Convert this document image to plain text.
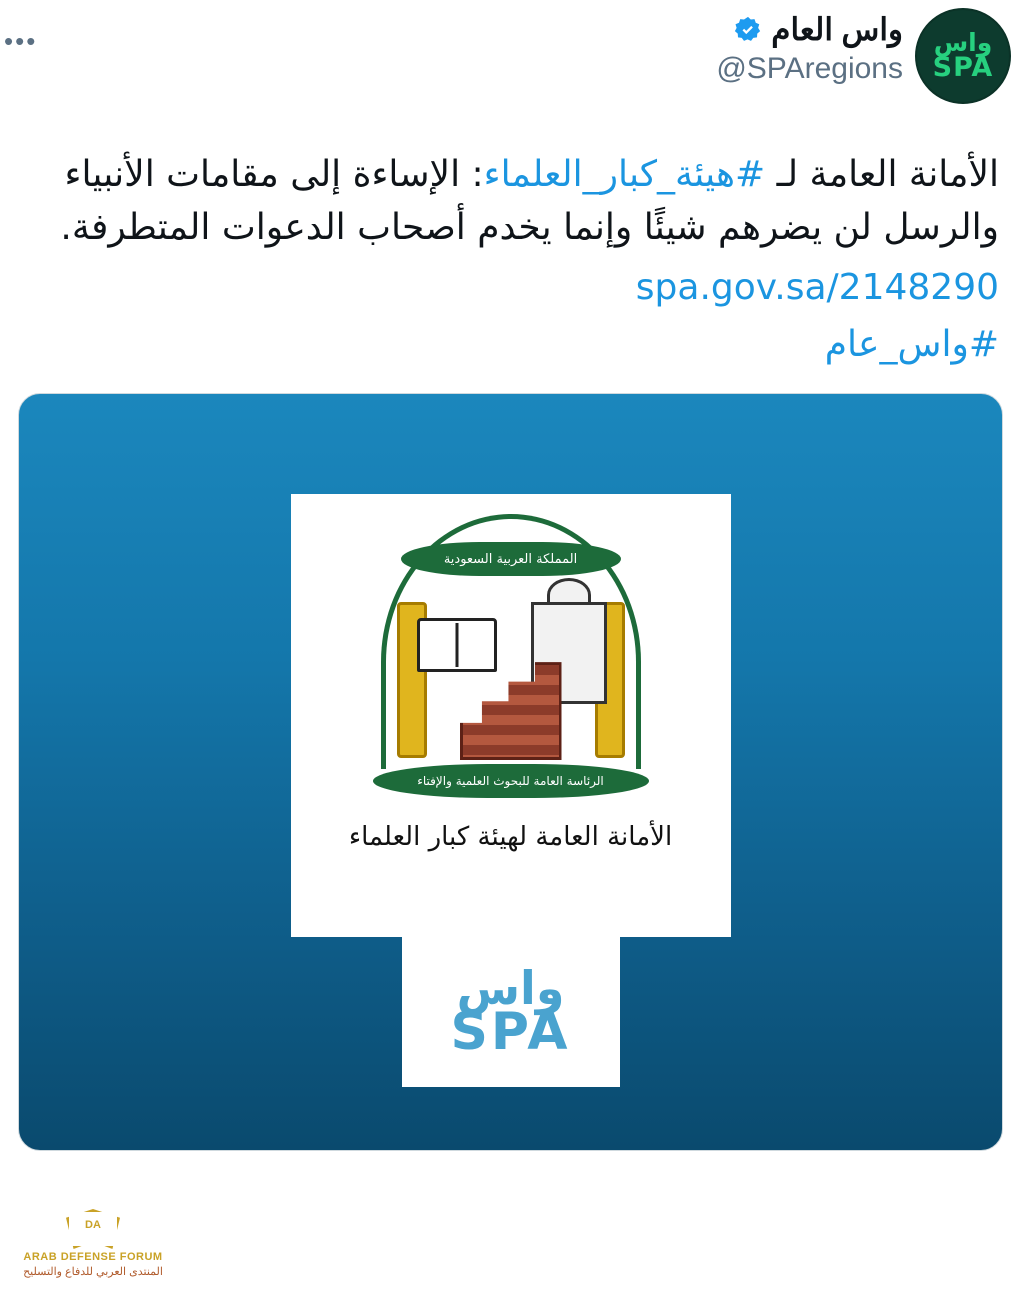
•••	واس العام
@SPAregions
واس
SPA
الأمانة العامة لـ #هيئة_كبار_العلماء: الإساءة إلى مقامات الأنبياء والرسل لن يضرهم شيئًا وإنما يخدم أصحاب الدعوات المتطرفة.
spa.gov.sa/2148290
#واس_عام
المملكة العربية السعودية
الرئاسة العامة للبحوث العلمية والإفتاء
الأمانة العامة لهيئة كبار العلماء
واس
SPA
DA
ARAB DEFENSE FORUM
المنتدى العربي للدفاع والتسليح
